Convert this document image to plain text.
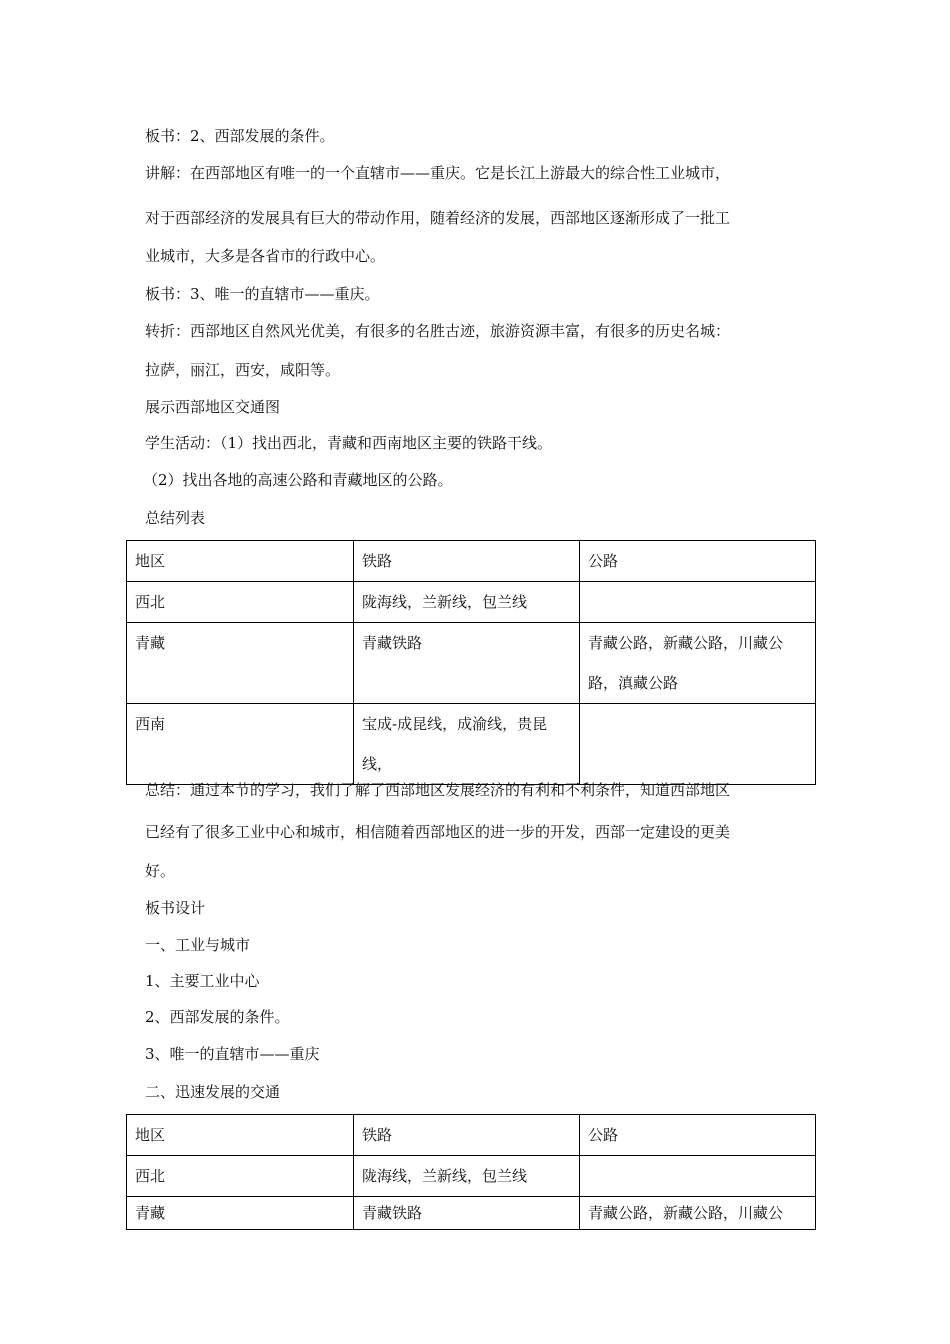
板书：2、西部发展的条件。
讲解：在西部地区有唯一的一个直辖市——重庆。它是长江上游最大的综合性工业城市，
对于西部经济的发展具有巨大的带动作用，随着经济的发展，西部地区逐渐形成了一批工
业城市，大多是各省市的行政中心。
板书：3、唯一的直辖市——重庆。
转折：西部地区自然风光优美，有很多的名胜古迹，旅游资源丰富，有很多的历史名城：
拉萨，丽江，西安，咸阳等。
展示西部地区交通图
学生活动：（1）找出西北，青藏和西南地区主要的铁路干线。
（2）找出各地的高速公路和青藏地区的公路。
总结列表
地区	铁路	公路
西北	陇海线，兰新线，包兰线	
青藏	青藏铁路	青藏公路，新藏公路，川藏公路，滇藏公路
西南	宝成-成昆线，成渝线，贵昆线，	
总结：通过本节的学习，我们了解了西部地区发展经济的有利和不利条件，知道西部地区
已经有了很多工业中心和城市，相信随着西部地区的进一步的开发，西部一定建设的更美
好。
板书设计
一、工业与城市
1、主要工业中心
2、西部发展的条件。
3、唯一的直辖市——重庆
二、迅速发展的交通
地区	铁路	公路
西北	陇海线，兰新线，包兰线	
青藏	青藏铁路	青藏公路，新藏公路，川藏公
